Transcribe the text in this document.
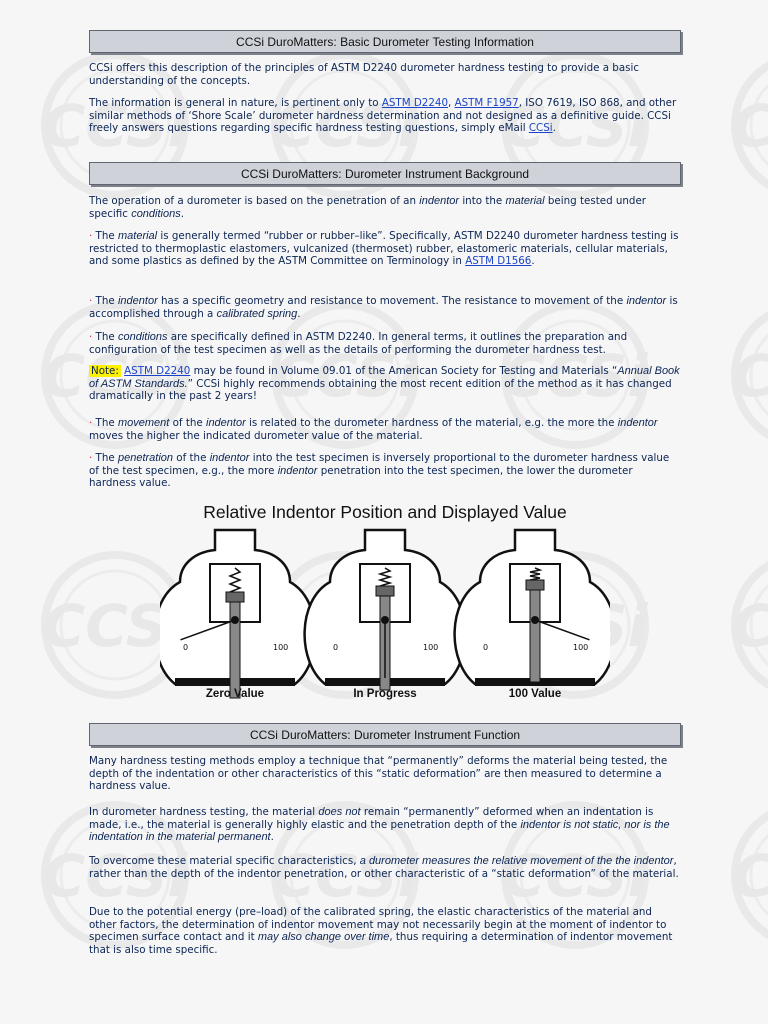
CCSi DuroMatters: Basic Durometer Testing Information

CCSi offers this description of the principles of ASTM D2240 durometer hardness testing to provide a basic understanding of the concepts.

The information is general in nature, is pertinent only to ASTM D2240, ASTM F1957, ISO 7619, ISO 868, and other similar methods of ‘Shore Scale’ durometer hardness determination and not designed as a definitive guide. CCSi freely answers questions regarding specific hardness testing questions, simply eMail CCSi.

CCSi DuroMatters: Durometer Instrument Background

The operation of a durometer is based on the penetration of an indentor into the material being tested under specific conditions.

· The material is generally termed “rubber or rubber–like”. Specifically, ASTM D2240 durometer hardness testing is restricted to thermoplastic elastomers, vulcanized (thermoset) rubber, elastomeric materials, cellular materials, and some plastics as defined by the ASTM Committee on Terminology in ASTM D1566.

· The indentor has a specific geometry and resistance to movement. The resistance to movement of the indentor is accomplished through a calibrated spring.

· The conditions are specifically defined in ASTM D2240. In general terms, it outlines the preparation and configuration of the test specimen as well as the details of performing the durometer hardness test.

Note: ASTM D2240 may be found in Volume 09.01 of the American Society for Testing and Materials “Annual Book of ASTM Standards.” CCSi highly recommends obtaining the most recent edition of the method as it has changed dramatically in the past 2 years!

· The movement of the indentor is related to the durometer hardness of the material, e.g. the more the indentor moves the higher the indicated durometer value of the material.

· The penetration of the indentor into the test specimen is inversely proportional to the durometer hardness value of the test specimen, e.g., the more indentor penetration into the test specimen, the lower the durometer hardness value.

Relative Indentor Position and Displayed Value
0	100	0	100	0	100
Zero Value	In Progress	100 Value
CCSi DuroMatters: Durometer Instrument Function

Many hardness testing methods employ a technique that “permanently” deforms the material being tested, the depth of the indentation or other characteristics of this “static deformation” are then measured to determine a hardness value.

In durometer hardness testing, the material does not remain “permanently” deformed when an indentation is made, i.e., the material is generally highly elastic and the penetration depth of the indentor is not static, nor is the indentation in the material permanent.

To overcome these material specific characteristics, a durometer measures the relative movement of the the indentor, rather than the depth of the indentor penetration, or other characteristic of a “static deformation” of the material.

Due to the potential energy (pre–load) of the calibrated spring, the elastic characteristics of the material and other factors, the determination of indentor movement may not necessarily begin at the moment of indentor to specimen surface contact and it may also change over time, thus requiring a determination of indentor movement that is also time specific.
